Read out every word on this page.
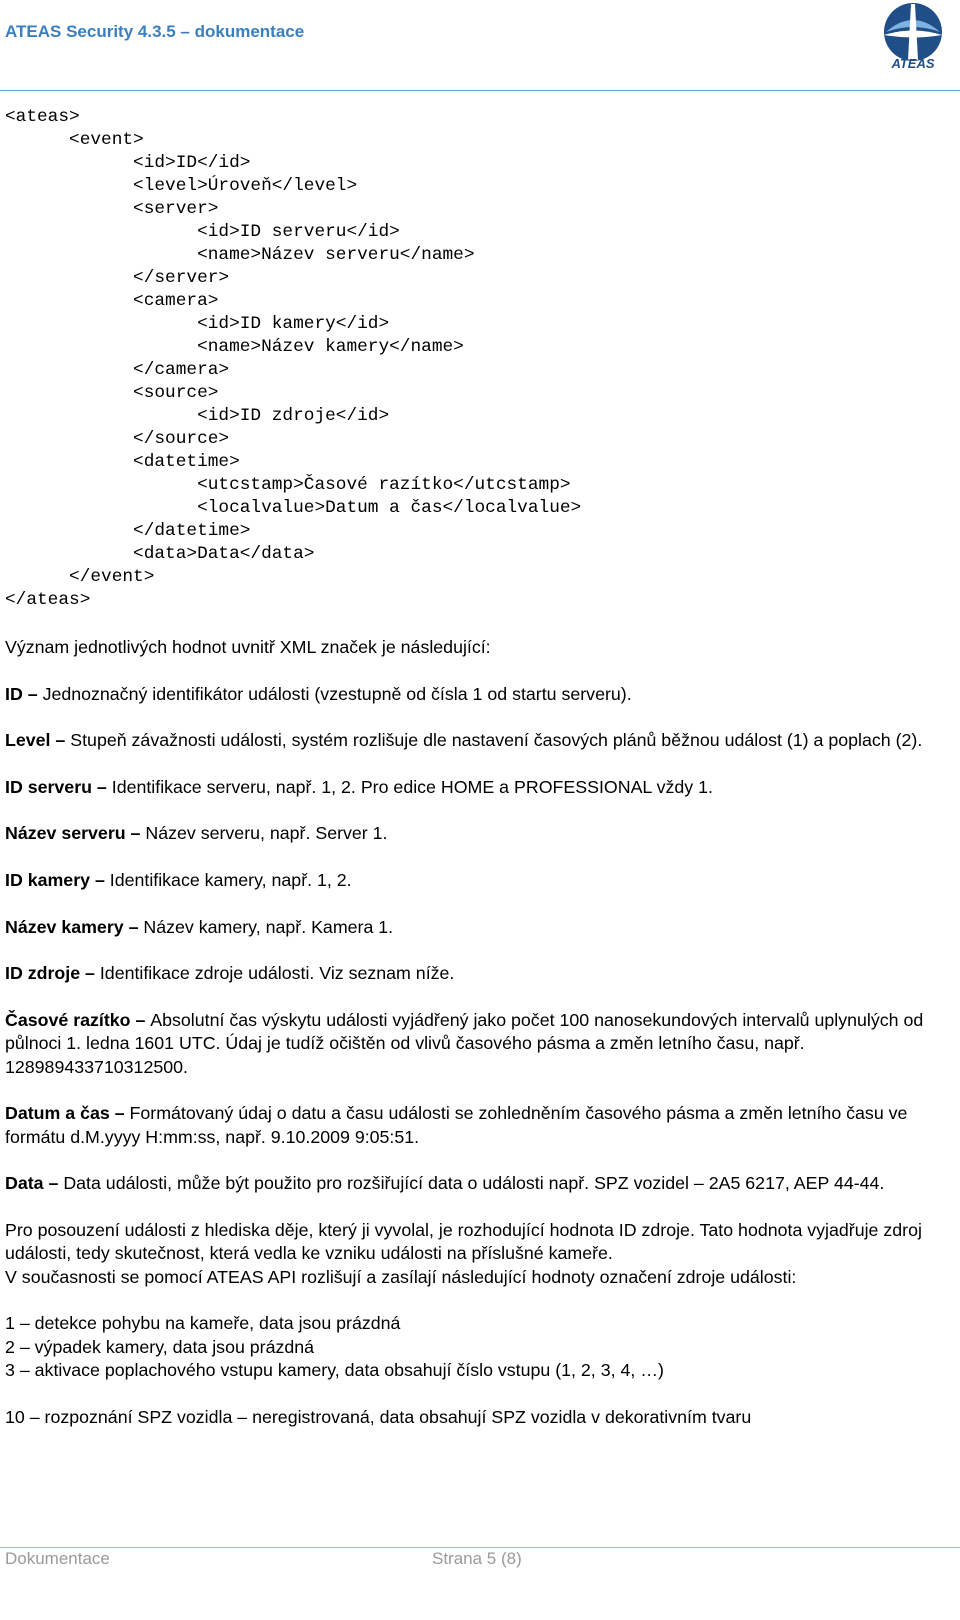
ATEAS Security 4.3.5 – dokumentace
ATEAS
<ateas>
<event>
<id>ID</id>
<level>Úroveň</level>
<server>
<id>ID serveru</id>
<name>Název serveru</name>
</server>
<camera>
<id>ID kamery</id>
<name>Název kamery</name>
</camera>
<source>
<id>ID zdroje</id>
</source>
<datetime>
<utcstamp>Časové razítko</utcstamp>
<localvalue>Datum a čas</localvalue>
</datetime>
<data>Data</data>
</event>
</ateas>

Význam jednotlivých hodnot uvnitř XML značek je následující:

ID – Jednoznačný identifikátor události (vzestupně od čísla 1 od startu serveru).

Level – Stupeň závažnosti události, systém rozlišuje dle nastavení časových plánů běžnou událost (1) a poplach (2).

ID serveru – Identifikace serveru, např. 1, 2. Pro edice HOME a PROFESSIONAL vždy 1.

Název serveru – Název serveru, např. Server 1.

ID kamery – Identifikace kamery, např. 1, 2.

Název kamery – Název kamery, např. Kamera 1.

ID zdroje – Identifikace zdroje události. Viz seznam níže.

Časové razítko – Absolutní čas výskytu události vyjádřený jako počet 100 nanosekundových intervalů uplynulých od půlnoci 1. ledna 1601 UTC. Údaj je tudíž očištěn od vlivů časového pásma a změn letního času, např. 128989433710312500.

Datum a čas – Formátovaný údaj o datu a času události se zohledněním časového pásma a změn letního času ve formátu d.M.yyyy H:mm:ss, např. 9.10.2009 9:05:51.

Data – Data události, může být použito pro rozšiřující data o události např. SPZ vozidel – 2A5 6217, AEP 44-44.

Pro posouzení události z hlediska děje, který ji vyvolal, je rozhodující hodnota ID zdroje. Tato hodnota vyjadřuje zdroj události, tedy skutečnost, která vedla ke vzniku události na příslušné kameře.
V současnosti se pomocí ATEAS API rozlišují a zasílají následující hodnoty označení zdroje události:

1 – detekce pohybu na kameře, data jsou prázdná
2 – výpadek kamery, data jsou prázdná
3 – aktivace poplachového vstupu kamery, data obsahují číslo vstupu (1, 2, 3, 4, …)
10 – rozpoznání SPZ vozidla – neregistrovaná, data obsahují SPZ vozidla v dekorativním tvaru
Dokumentace	Strana 5 (8)
